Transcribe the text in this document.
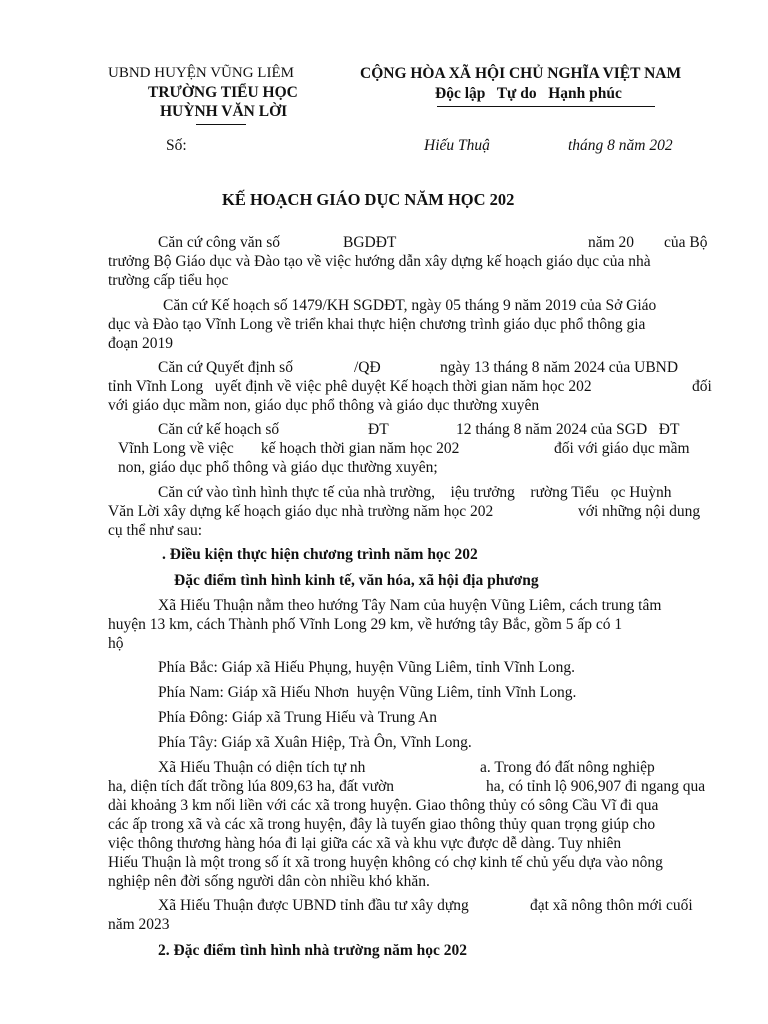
UBND HUYỆN VŨNG LIÊM
TRƯỜNG TIỂU HỌC
HUỲNH VĂN LỜI
CỘNG HÒA XÃ HỘI CHỦ NGHĨA VIỆT NAM
Độc lập   Tự do   Hạnh phúc
Số:	Hiếu Thuậ	tháng 8 năm 202
KẾ HOẠCH GIÁO DỤC NĂM HỌC 202
Căn cứ công văn số	BGDĐT	năm 20 của Bộ
trưởng Bộ Giáo dục và Đào tạo về việc hướng dẫn xây dựng kế hoạch giáo dục của nhà
trường cấp tiểu học
Căn cứ Kế hoạch số 1479/KH SGDĐT, ngày 05 tháng 9 năm 2019 của Sở Giáo
dục và Đào tạo Vĩnh Long về triển khai thực hiện chương trình giáo dục phổ thông gia
đoạn 2019
Căn cứ Quyết định số	/QĐ	ngày 13 tháng 8 năm 2024 của UBND
tỉnh Vĩnh Long   uyết định về việc phê duyệt Kế hoạch thời gian năm học 202	đối
với giáo dục mầm non, giáo dục phổ thông và giáo dục thường xuyên
Căn cứ kế hoạch số	ĐT	12 tháng 8 năm 2024 của SGD   ĐT
Vĩnh Long về việc       kế hoạch thời gian năm học 202	đối với giáo dục mầm
non, giáo dục phổ thông và giáo dục thường xuyên;
Căn cứ vào tình hình thực tế của nhà trường,    iệu trưởng    rường Tiểu   ọc Huỳnh
Văn Lời xây dựng kế hoạch giáo dục nhà trường năm học 202	với những nội dung
cụ thể như sau:
. Điều kiện thực hiện chương trình năm học 202
Đặc điểm tình hình kinh tế, văn hóa, xã hội địa phương
Xã Hiếu Thuận nằm theo hướng Tây Nam của huyện Vũng Liêm, cách trung tâm
huyện 13 km, cách Thành phố Vĩnh Long 29 km, về hướng tây Bắc, gồm 5 ấp có 1
hộ
Phía Bắc: Giáp xã Hiếu Phụng, huyện Vũng Liêm, tỉnh Vĩnh Long.
Phía Nam: Giáp xã Hiếu Nhơn  huyện Vũng Liêm, tỉnh Vĩnh Long.
Phía Đông: Giáp xã Trung Hiếu và Trung An
Phía Tây: Giáp xã Xuân Hiệp, Trà Ôn, Vĩnh Long.
Xã Hiếu Thuận có diện tích tự nh	a. Trong đó đất nông nghiệp
ha, diện tích đất trồng lúa 809,63 ha, đất vườn	ha, có tỉnh lộ 906,907 đi ngang qua
dài khoảng 3 km nối liền với các xã trong huyện. Giao thông thủy có sông Cầu Vĩ đi qua
các ấp trong xã và các xã trong huyện, đây là tuyến giao thông thủy quan trọng giúp cho
việc thông thương hàng hóa đi lại giữa các xã và khu vực được dễ dàng. Tuy nhiên
Hiếu Thuận là một trong số ít xã trong huyện không có chợ kinh tế chủ yếu dựa vào nông
nghiệp nên đời sống người dân còn nhiều khó khăn.
Xã Hiếu Thuận được UBND tỉnh đầu tư xây dựng	đạt xã nông thôn mới cuối
năm 2023
2. Đặc điểm tình hình nhà trường năm học 202
